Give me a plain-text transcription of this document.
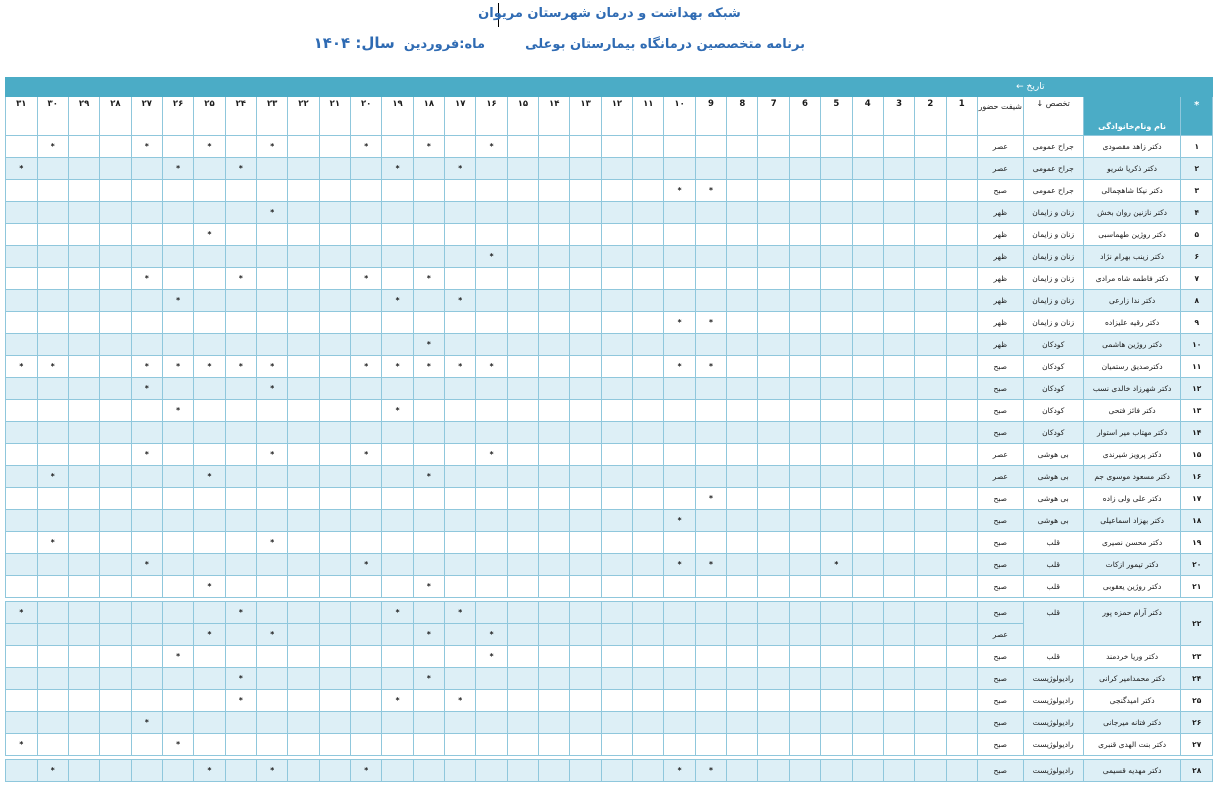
شبکه بهداشت و درمان شهرستان مریوان
برنامه متخصصین درمانگاه بیمارستان بوعلیماه:فروردین  سال: ۱۴۰۴
		تاریخ ←																																
*	نام ونام‌خانوادگی	تخصص ↓	شیفت حضور	1	2	3	4	5	6	7	8	9	۱۰	۱۱	۱۲	۱۳	۱۴	۱۵	۱۶	۱۷	۱۸	۱۹	۲۰	۲۱	۲۲	۲۳	۲۴	۲۵	۲۶	۲۷	۲۸	۲۹	۳۰	۳۱
۱	دکتر زاهد مقصودی	جراح عمومی	عصر																*		*		*			*		*		*			*	
۲	دکتر ذکریا شریو	جراح عمومی	عصر																	*		*					*		*					*
۳	دکتر نیکا شاهچمالی	جراح عمومی	صبح									*	*																					
۴	دکتر نازنین روان بخش	زنان و زایمان	ظهر																							*								
۵	دکتر روژین طهماسبی	زنان و زایمان	ظهر																									*						
۶	دکتر زینب بهرام نژاد	زنان و زایمان	ظهر																*															
۷	دکتر فاطمه شاه مرادی	زنان و زایمان	ظهر																		*		*				*			*				
۸	دکتر ندا زارعی	زنان و زایمان	ظهر																	*		*							*					
۹	دکتر رقیه علیزاده	زنان و زایمان	ظهر									*	*																					
۱۰	دکتر روژین هاشمی	کودکان	ظهر																		*													
۱۱	دکترصدیق رستمیان	کودکان	صبح									*	*						*	*	*	*	*			*	*	*	*	*			*	*
۱۲	دکتر شهرزاد خالدی نسب	کودکان	صبح																							*				*				
۱۳	دکتر فائز فتحی	کودکان	صبح																			*							*					
۱۴	دکتر مهتاب میر استوار	کودکان	صبح																															
۱۵	دکتر پرویز شیرندی	بی هوشی	عصر																*				*			*				*				
۱۶	دکتر مسعود موسوی جم	بی هوشی	عصر																		*							*					*	
۱۷	دکتر علی ولی زاده	بی هوشی	صبح									*																						
۱۸	دکتر بهزاد اسماعیلی	بی هوشی	صبح										*																					
۱۹	دکتر محسن نصیری	قلب	صبح																							*							*	
۲۰	دکتر تیمور ازکات	قلب	صبح					*				*	*										*							*				
۲۱	دکتر روژین یعقوبی	قلب	صبح																		*							*						

۲۲	دکتر آرام حمزه پور	قلب	صبح																	*		*					*							*
			عصر																*		*					*		*						
۲۳	دکتر وریا خردمند	قلب	صبح																*										*					
۲۴	دکتر محمدامیر کرانی	رادیولوژیست	صبح																		*						*							
۲۵	دکتر امیدگنجی	رادیولوژیست	صبح																	*		*					*							
۲۶	دکتر فتانه میرجانی	رادیولوژیست	صبح																											*				
۲۷	دکتر بنت الهدی قنبری	رادیولوژیست	صبح																										*					*

۲۸	دکتر مهدیه قسیمی	رادیولوژیست	صبح									*	*										*			*		*					*	
